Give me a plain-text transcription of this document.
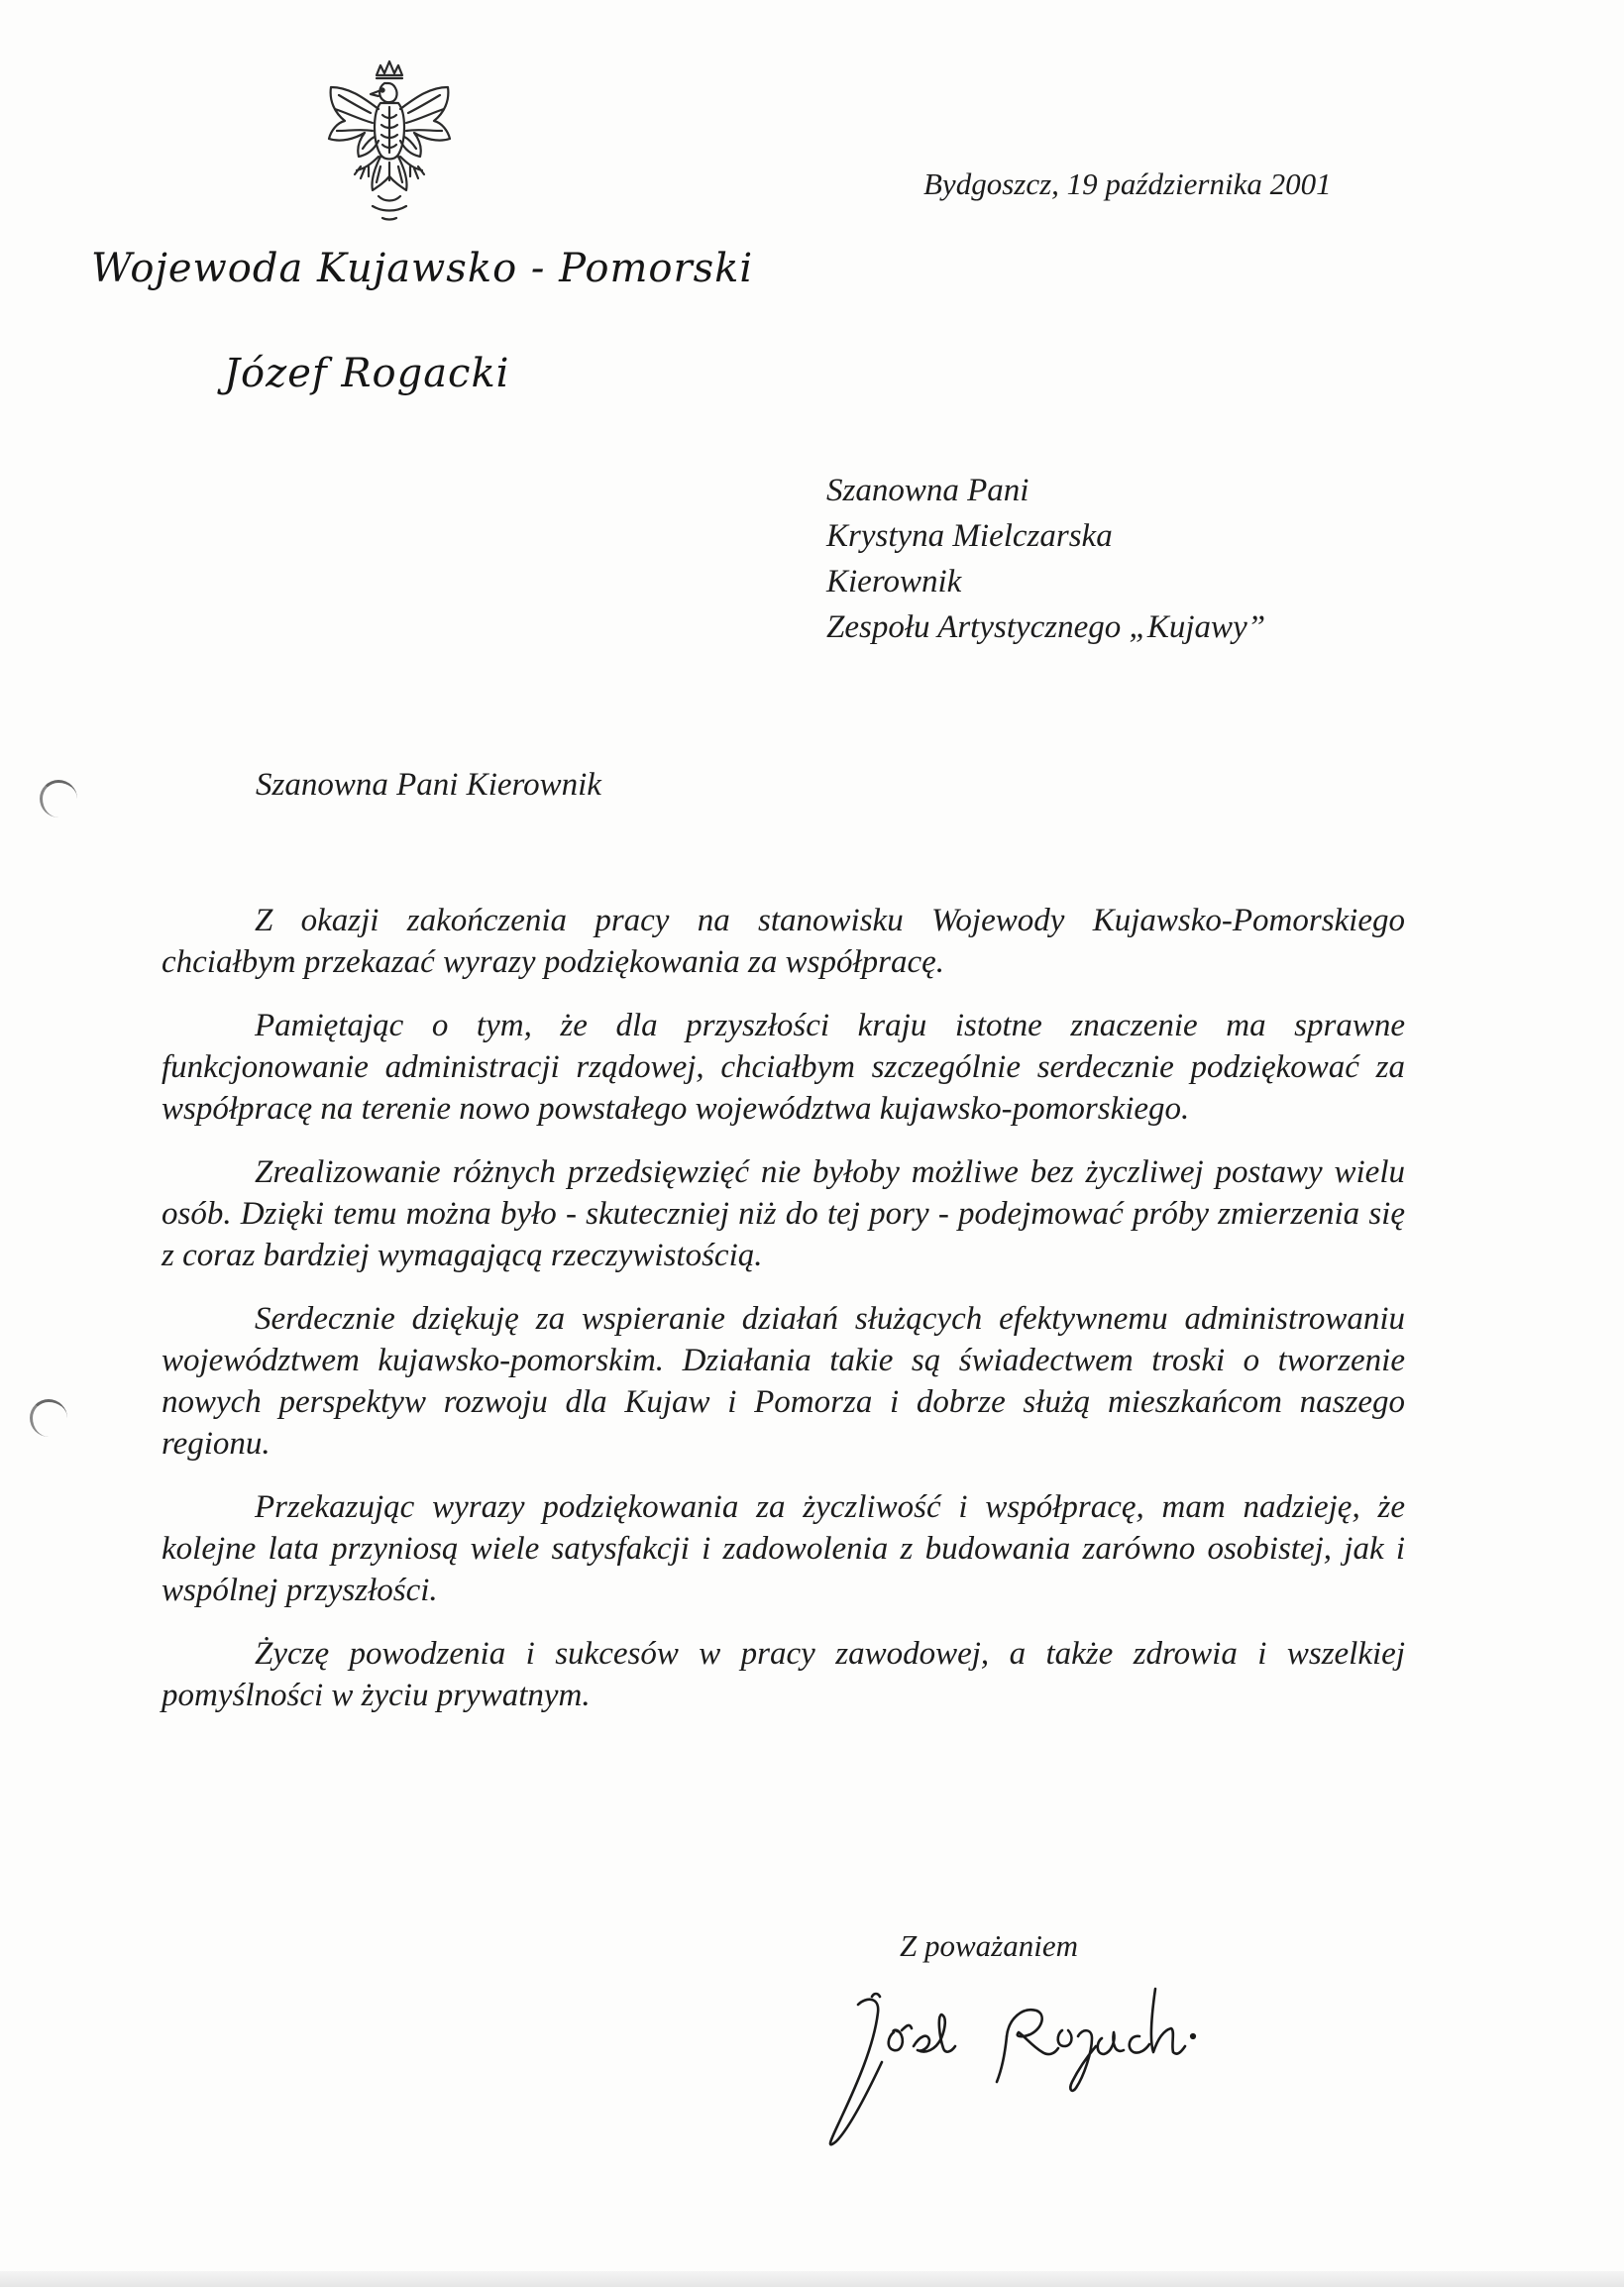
Wojewoda Kujawsko - Pomorski
Józef Rogacki
Bydgoszcz, 19 października 2001
Szanowna Pani
Krystyna Mielczarska
Kierownik
Zespołu Artystycznego „Kujawy”
Szanowna Pani Kierownik

Z okazji zakończenia pracy na stanowisku Wojewody Kujawsko-Pomorskiego chciałbym przekazać wyrazy podziękowania za współpracę.

Pamiętając o tym, że dla przyszłości kraju istotne znaczenie ma sprawne funkcjonowanie administracji rządowej, chciałbym szczególnie serdecznie podziękować za współpracę na terenie nowo powstałego województwa kujawsko-pomorskiego.

Zrealizowanie różnych przedsięwzięć nie byłoby możliwe bez życzliwej postawy wielu osób. Dzięki temu można było - skuteczniej niż do tej pory - podejmować próby zmierzenia się z coraz bardziej wymagającą rzeczywistością.

Serdecznie dziękuję za wspieranie działań służących efektywnemu administrowaniu województwem kujawsko-pomorskim. Działania takie są świadectwem troski o tworzenie nowych perspektyw rozwoju dla Kujaw i Pomorza i dobrze służą mieszkańcom naszego regionu.

Przekazując wyrazy podziękowania za życzliwość i współpracę, mam nadzieję, że kolejne lata przyniosą wiele satysfakcji i zadowolenia z budowania zarówno osobistej, jak i wspólnej przyszłości.

Życzę powodzenia i sukcesów w pracy zawodowej, a także zdrowia i wszelkiej pomyślności w życiu prywatnym.

Z poważaniem
